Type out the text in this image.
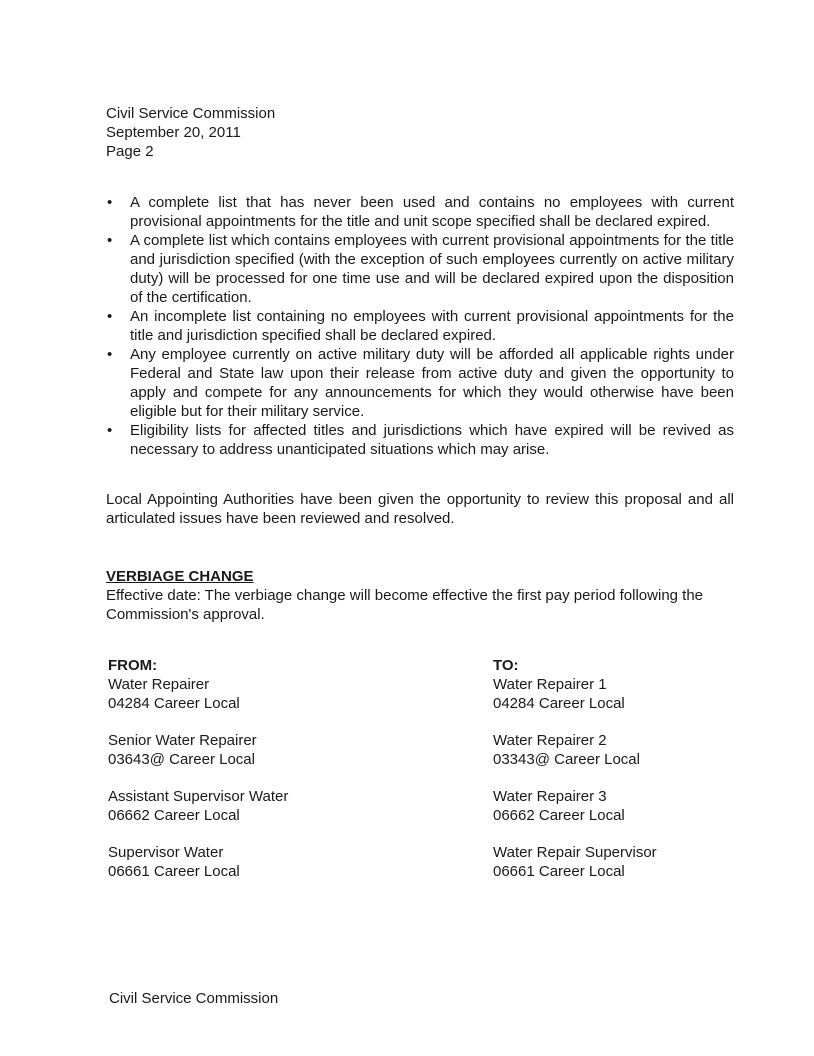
Civil Service Commission
September 20, 2011
Page 2
• A complete list that has never been used and contains no employees with current provisional appointments for the title and unit scope specified shall be declared expired.
• A complete list which contains employees with current provisional appointments for the title and jurisdiction specified (with the exception of such employees currently on active military duty) will be processed for one time use and will be declared expired upon the disposition of the certification.
• An incomplete list containing no employees with current provisional appointments for the title and jurisdiction specified shall be declared expired.
• Any employee currently on active military duty will be afforded all applicable rights under Federal and State law upon their release from active duty and given the opportunity to apply and compete for any announcements for which they would otherwise have been eligible but for their military service.
• Eligibility lists for affected titles and jurisdictions which have expired will be revived as necessary to address unanticipated situations which may arise.
Local Appointing Authorities have been given the opportunity to review this proposal and all articulated issues have been reviewed and resolved.
VERBIAGE CHANGE
Effective date: The verbiage change will become effective the first pay period following the Commission's approval.
FROM:
Water Repairer
04284 Career Local
Senior Water Repairer
03643@ Career Local
Assistant Supervisor Water
06662 Career Local
Supervisor Water
06661 Career Local
TO:
Water Repairer 1
04284 Career Local
Water Repairer 2
03343@ Career Local
Water Repairer 3
06662 Career Local
Water Repair Supervisor
06661 Career Local
Civil Service Commission
